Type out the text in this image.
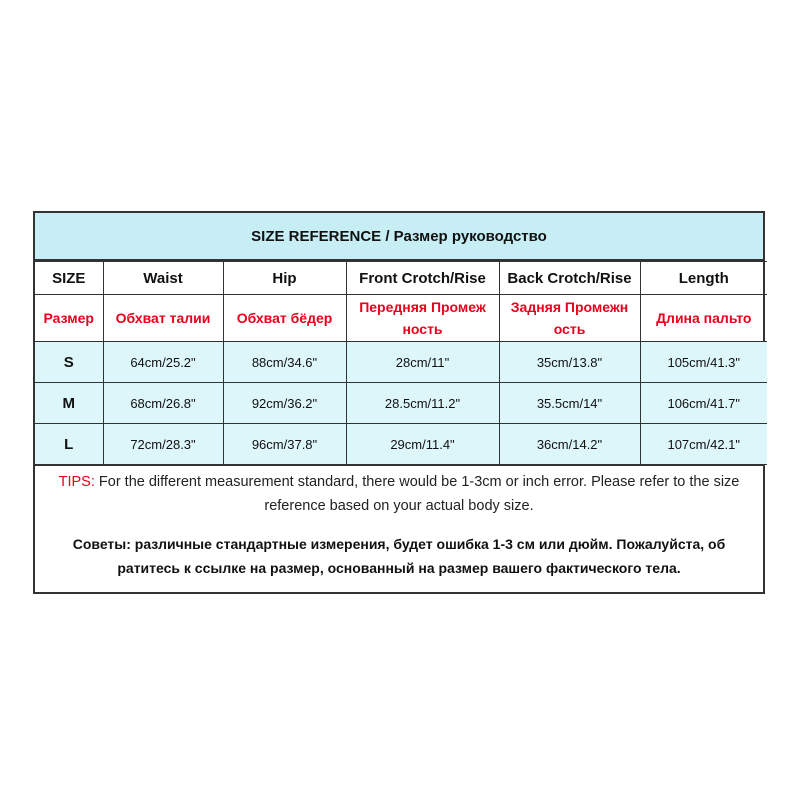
SIZE REFERENCE / Размер руководство
SIZE	Waist	Hip	Front Crotch/Rise	Back Crotch/Rise	Length
Размер	Обхват талии	Обхват бёдер	Передняя Промеж ность	Задняя Промежн ость	Длина пальто
S	64cm/25.2"	88cm/34.6"	28cm/11"	35cm/13.8"	105cm/41.3"
M	68cm/26.8"	92cm/36.2"	28.5cm/11.2"	35.5cm/14"	106cm/41.7"
L	72cm/28.3"	96cm/37.8"	29cm/11.4"	36cm/14.2"	107cm/42.1"
TIPS: For the different measurement standard, there would be 1-3cm or inch error. Please refer to the size reference based on your actual body size.
Советы: различные стандартные измерения, будет ошибка 1-3 см или дюйм. Пожалуйста, об ратитесь к ссылке на размер, основанный на размер вашего фактического тела.
